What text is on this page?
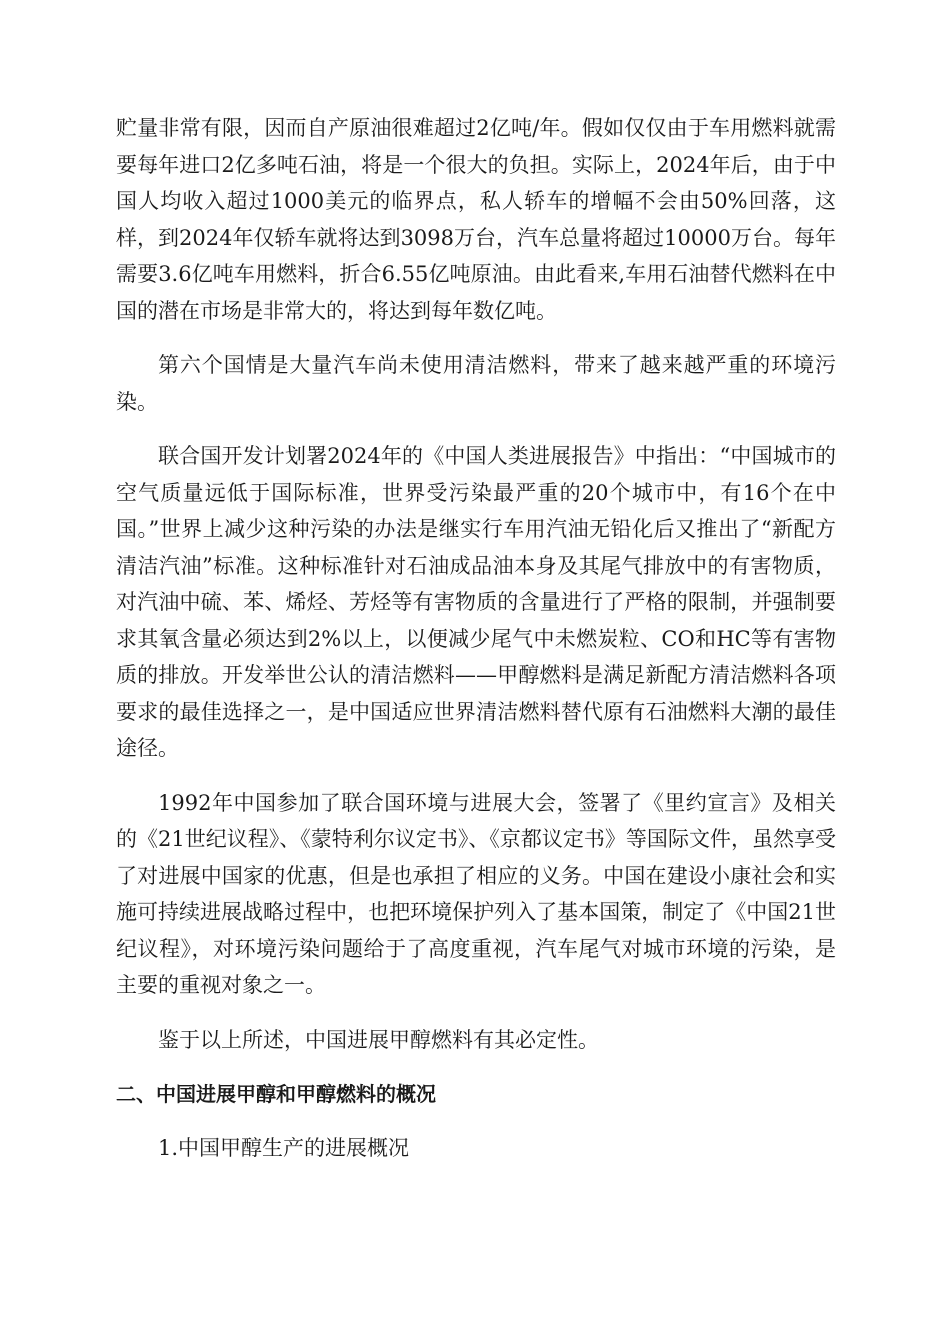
贮量非常有限，因而自产原油很难超过2亿吨/年。假如仅仅由于车用燃料就需要每年进口2亿多吨石油，将是一个很大的负担。实际上，2024年后，由于中国人均收入超过1000美元的临界点，私人轿车的增幅不会由50%回落，这样，到2024年仅轿车就将达到3098万台，汽车总量将超过10000万台。每年需要3.6亿吨车用燃料，折合6.55亿吨原油。由此看来,车用石油替代燃料在中国的潜在市场是非常大的，将达到每年数亿吨。

第六个国情是大量汽车尚未使用清洁燃料，带来了越来越严重的环境污染。

联合国开发计划署2024年的《中国人类进展报告》中指出：“中国城市的空气质量远低于国际标准，世界受污染最严重的20个城市中，有16个在中国。”世界上减少这种污染的办法是继实行车用汽油无铅化后又推出了“新配方清洁汽油”标准。这种标准针对石油成品油本身及其尾气排放中的有害物质，对汽油中硫、苯、烯烃、芳烃等有害物质的含量进行了严格的限制，并强制要求其氧含量必须达到2%以上，以便减少尾气中未燃炭粒、CO和HC等有害物质的排放。开发举世公认的清洁燃料——甲醇燃料是满足新配方清洁燃料各项要求的最佳选择之一，是中国适应世界清洁燃料替代原有石油燃料大潮的最佳途径。

1992年中国参加了联合国环境与进展大会，签署了《里约宣言》及相关的《21世纪议程》、《蒙特利尔议定书》、《京都议定书》等国际文件，虽然享受了对进展中国家的优惠，但是也承担了相应的义务。中国在建设小康社会和实施可持续进展战略过程中，也把环境保护列入了基本国策，制定了《中国21世纪议程》，对环境污染问题给于了高度重视，汽车尾气对城市环境的污染，是主要的重视对象之一。

鉴于以上所述，中国进展甲醇燃料有其必定性。

二、中国进展甲醇和甲醇燃料的概况

1.中国甲醇生产的进展概况
